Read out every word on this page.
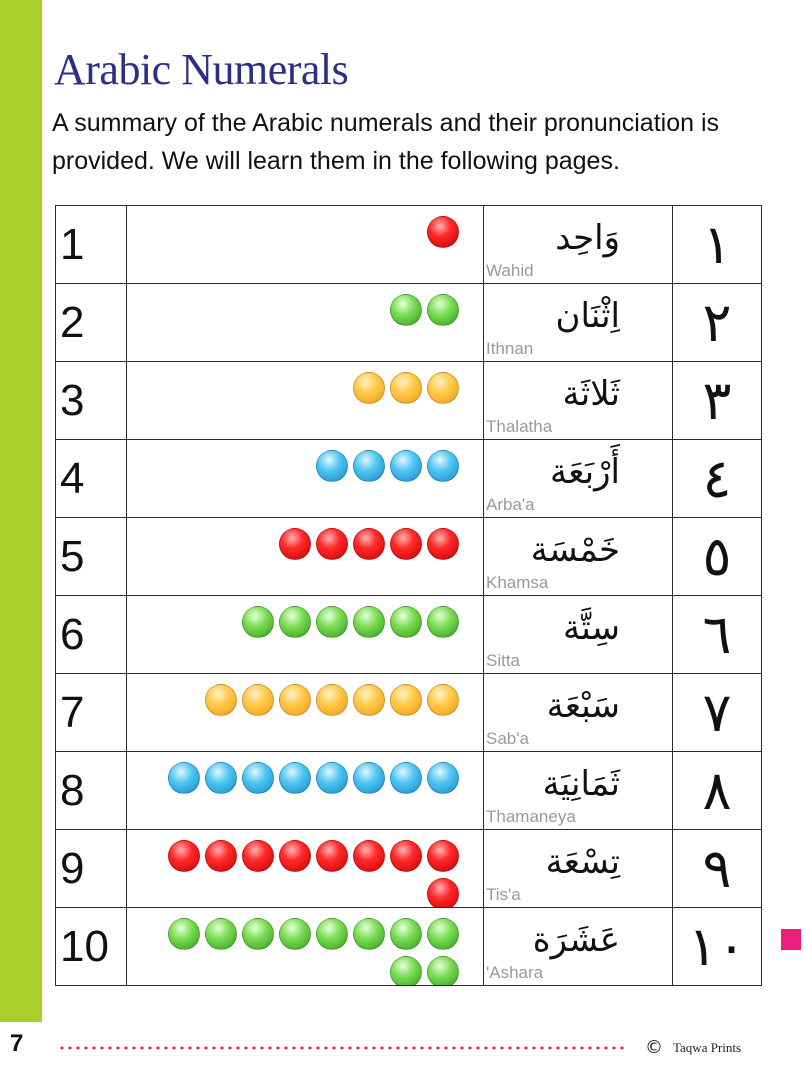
7
Arabic Numerals
A summary of the Arabic numerals and their pronunciation is
provided. We will learn them in the following pages.
1		وَاحِد
Wahid	١
2		اِثْنَان
Ithnan	٢
3		ثَلاثَة
Thalatha	٣
4		أَرْبَعَة
Arba'a	٤
5		خَمْسَة
Khamsa	٥
6		سِتَّة
Sitta	٦
7		سَبْعَة
Sab'a	٧
8		ثَمَانِيَة
Thamaneya	٨
9		تِسْعَة
Tis'a	٩
10		عَشَرَة
'Ashara	١٠
© Taqwa Prints
